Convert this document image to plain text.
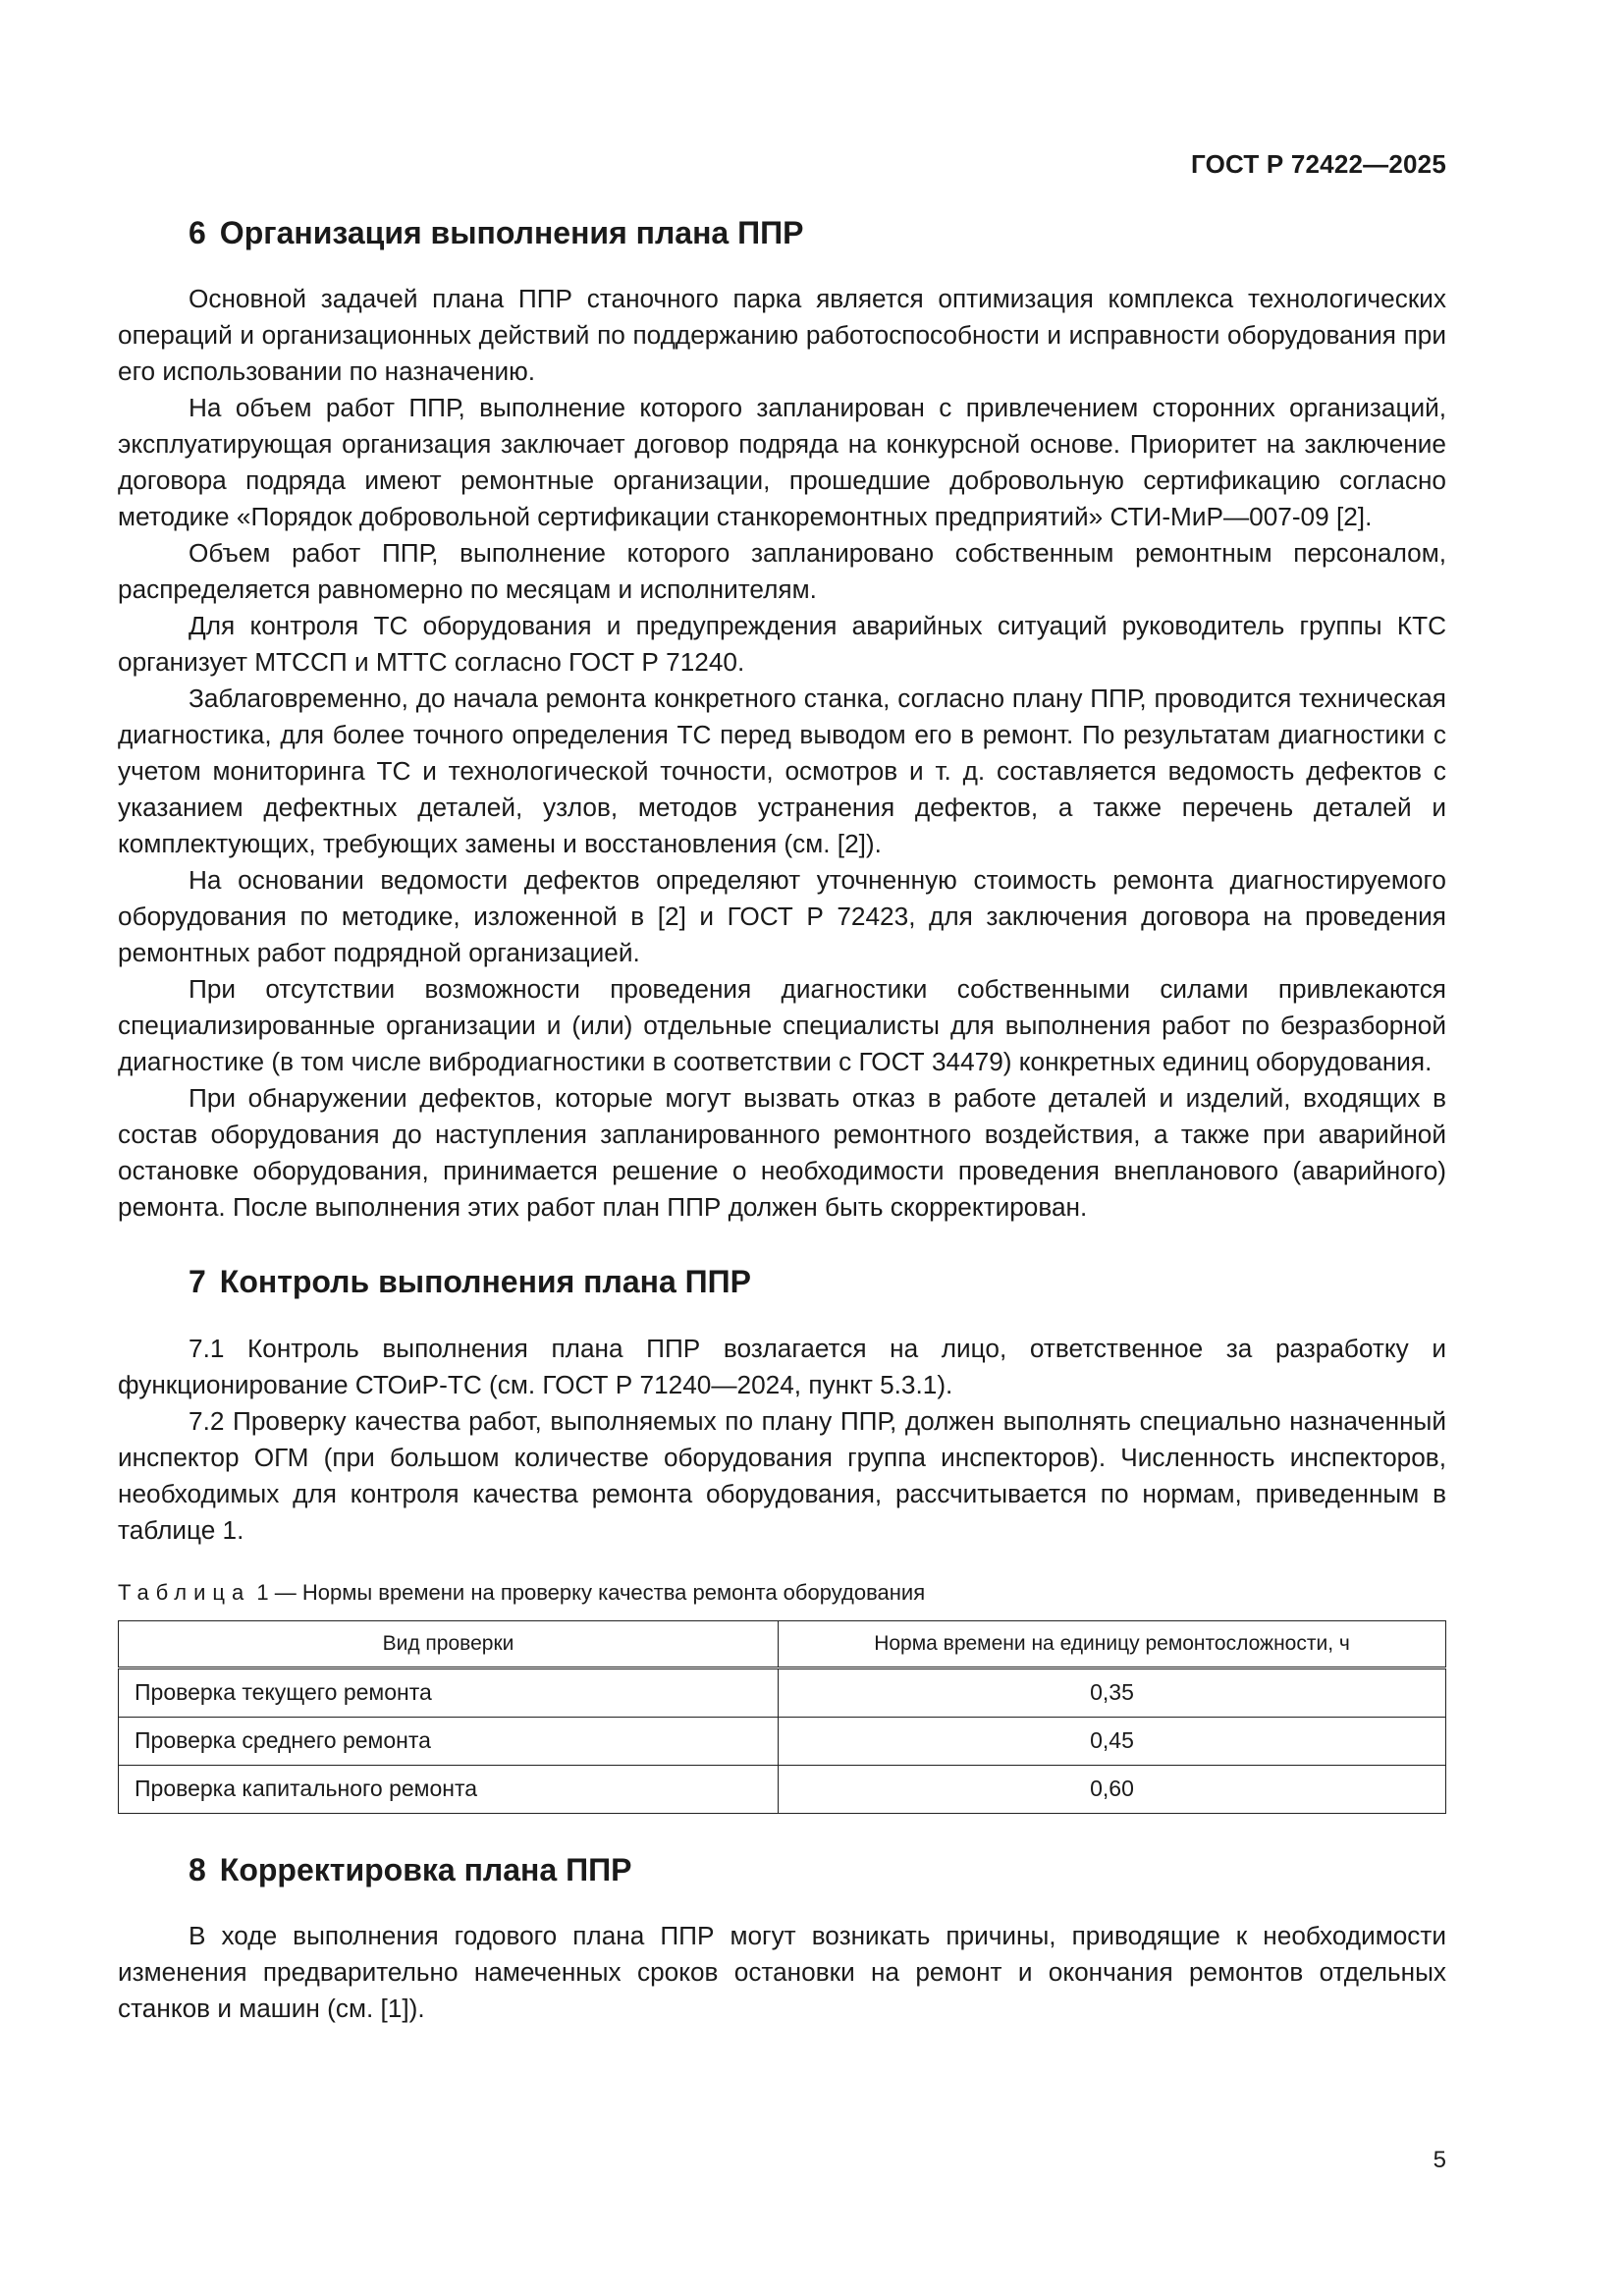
ГОСТ Р 72422—2025
6 Организация выполнения плана ППР

Основной задачей плана ППР станочного парка является оптимизация комплекса технологических операций и организационных действий по поддержанию работоспособности и исправности оборудования при его использовании по назначению.

На объем работ ППР, выполнение которого запланирован с привлечением сторонних организаций, эксплуатирующая организация заключает договор подряда на конкурсной основе. Приоритет на заключение договора подряда имеют ремонтные организации, прошедшие добровольную сертификацию согласно методике «Порядок добровольной сертификации станкоремонтных предприятий» СТИ-МиР—007-09 [2].

Объем работ ППР, выполнение которого запланировано собственным ремонтным персоналом, распределяется равномерно по месяцам и исполнителям.

Для контроля ТС оборудования и предупреждения аварийных ситуаций руководитель группы КТС организует МТССП и МТТС согласно ГОСТ Р 71240.

Заблаговременно, до начала ремонта конкретного станка, согласно плану ППР, проводится техническая диагностика, для более точного определения ТС перед выводом его в ремонт. По результатам диагностики с учетом мониторинга ТС и технологической точности, осмотров и т. д. составляется ведомость дефектов с указанием дефектных деталей, узлов, методов устранения дефектов, а также перечень деталей и комплектующих, требующих замены и восстановления (см. [2]).

На основании ведомости дефектов определяют уточненную стоимость ремонта диагностируемого оборудования по методике, изложенной в [2] и ГОСТ Р 72423, для заключения договора на проведения ремонтных работ подрядной организацией.

При отсутствии возможности проведения диагностики собственными силами привлекаются специализированные организации и (или) отдельные специалисты для выполнения работ по безразборной диагностике (в том числе вибродиагностики в соответствии с ГОСТ 34479) конкретных единиц оборудования.

При обнаружении дефектов, которые могут вызвать отказ в работе деталей и изделий, входящих в состав оборудования до наступления запланированного ремонтного воздействия, а также при аварийной остановке оборудования, принимается решение о необходимости проведения внепланового (аварийного) ремонта. После выполнения этих работ план ППР должен быть скорректирован.

7 Контроль выполнения плана ППР

7.1 Контроль выполнения плана ППР возлагается на лицо, ответственное за разработку и функционирование СТОиР-ТС (см. ГОСТ Р 71240—2024, пункт 5.3.1).

7.2 Проверку качества работ, выполняемых по плану ППР, должен выполнять специально назначенный инспектор ОГМ (при большом количестве оборудования группа инспекторов). Численность инспекторов, необходимых для контроля качества ремонта оборудования, рассчитывается по нормам, приведенным в таблице 1.

Таблица 1 — Нормы времени на проверку качества ремонта оборудования
Вид проверки	Норма времени на единицу ремонтосложности, ч
Проверка текущего ремонта	0,35
Проверка среднего ремонта	0,45
Проверка капитального ремонта	0,60
8 Корректировка плана ППР

В ходе выполнения годового плана ППР могут возникать причины, приводящие к необходимости изменения предварительно намеченных сроков остановки на ремонт и окончания ремонтов отдельных станков и машин (см. [1]).

5
